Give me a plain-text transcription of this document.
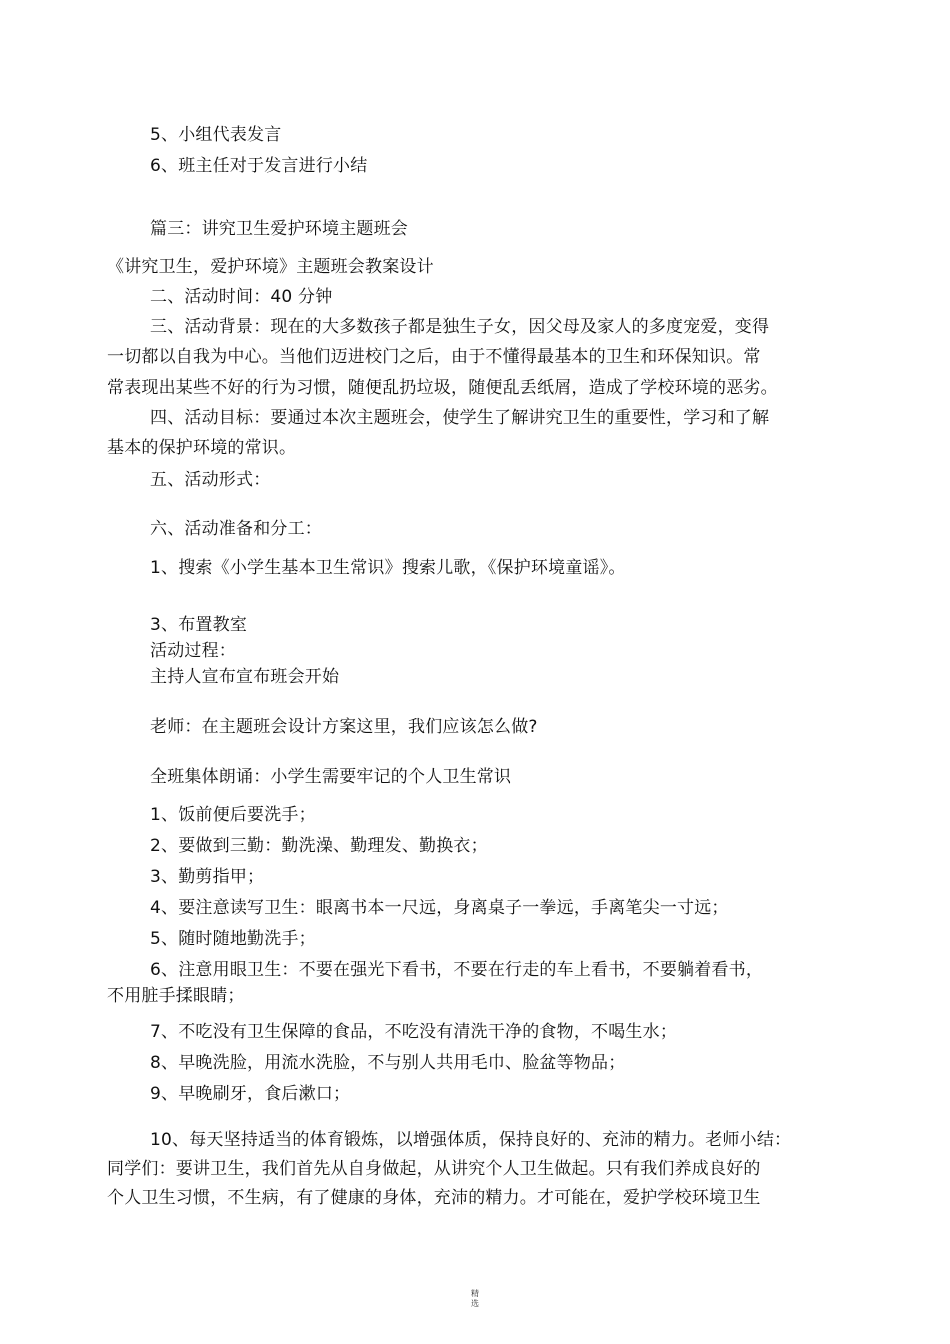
5、小组代表发言
6、班主任对于发言进行小结
篇三：讲究卫生爱护环境主题班会
《讲究卫生，爱护环境》主题班会教案设计
二、活动时间：40 分钟
三、活动背景：现在的大多数孩子都是独生子女，因父母及家人的多度宠爱，变得
一切都以自我为中心。当他们迈进校门之后，由于不懂得最基本的卫生和环保知识。常
常表现出某些不好的行为习惯，随便乱扔垃圾，随便乱丢纸屑，造成了学校环境的恶劣。
四、活动目标：要通过本次主题班会，使学生了解讲究卫生的重要性，学习和了解
基本的保护环境的常识。
五、活动形式：
六、活动准备和分工：
1、搜索《小学生基本卫生常识》搜索儿歌，《保护环境童谣》。
3、布置教室
活动过程：
主持人宣布宣布班会开始
老师：在主题班会设计方案这里，我们应该怎么做?
全班集体朗诵：小学生需要牢记的个人卫生常识
1、饭前便后要洗手；
2、要做到三勤：勤洗澡、勤理发、勤换衣；
3、勤剪指甲；
4、要注意读写卫生：眼离书本一尺远，身离桌子一拳远，手离笔尖一寸远；
5、随时随地勤洗手；
6、注意用眼卫生：不要在强光下看书，不要在行走的车上看书，不要躺着看书，
不用脏手揉眼睛；
7、不吃没有卫生保障的食品，不吃没有清洗干净的食物，不喝生水；
8、早晚洗脸，用流水洗脸，不与别人共用毛巾、脸盆等物品；
9、早晚刷牙，食后漱口；
10、每天坚持适当的体育锻炼，以增强体质，保持良好的、充沛的精力。老师小结：
同学们：要讲卫生，我们首先从自身做起，从讲究个人卫生做起。只有我们养成良好的
个人卫生习惯，不生病，有了健康的身体，充沛的精力。才可能在，爱护学校环境卫生
精
选
